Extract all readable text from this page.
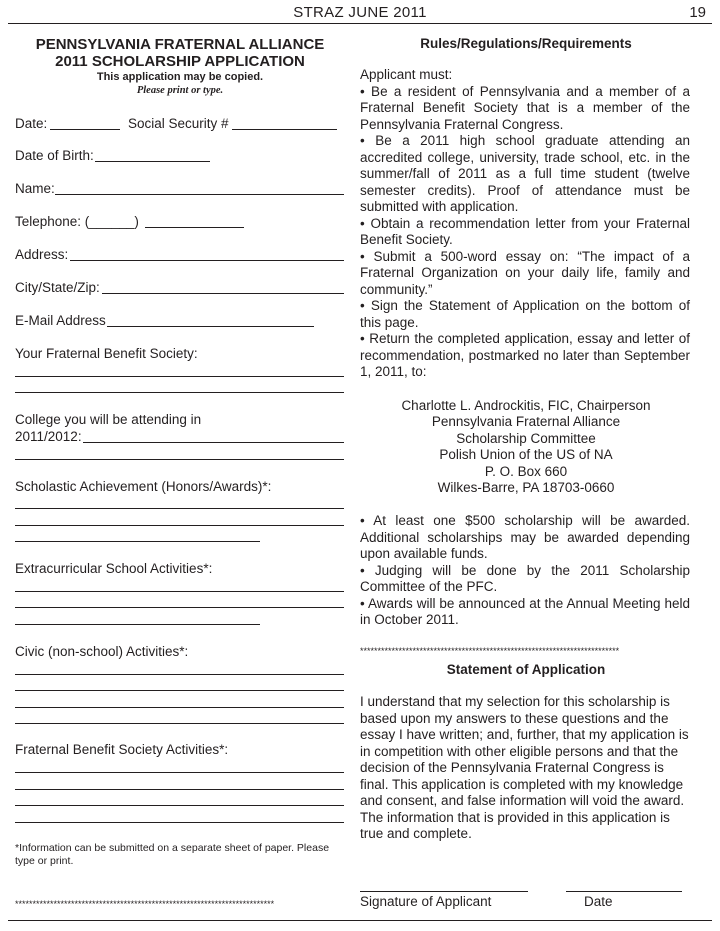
STRAZ JUNE 2011	19
PENNSYLVANIA FRATERNAL ALLIANCE
2011 SCHOLARSHIP APPLICATION
This application may be copied.
Please print or type.
Date:	Social Security #
Date of Birth:
Name:
Telephone: (______)
Address:
City/State/Zip:
E-Mail Address
Your Fraternal Benefit Society:
College you will be attending in
2011/2012:
Scholastic Achievement (Honors/Awards)*:
Extracurricular School Activities*:
Civic (non-school) Activities*:
Fraternal Benefit Society Activities*:
*Information can be submitted on a separate sheet of paper. Please type or print.
**************************************************************************
Rules/Regulations/Requirements

Applicant must:

• Be a resident of Pennsylvania and a member of a Fraternal Benefit Society that is a member of the Pennsylvania Fraternal Congress.

• Be a 2011 high school graduate attending an accredited college, university, trade school, etc. in the summer/fall of 2011 as a full time student (twelve semester credits). Proof of attendance must be submitted with application.

• Obtain a recommendation letter from your Fraternal Benefit Society.

• Submit a 500-word essay on: “The impact of a Fraternal Organization on your daily life, family and community.”

• Sign the Statement of Application on the bottom of this page.

• Return the completed application, essay and letter of recommendation, postmarked no later than September 1, 2011, to:

Charlotte L. Androckitis, FIC, Chairperson
Pennsylvania Fraternal Alliance
Scholarship Committee
Polish Union of the US of NA
P. O. Box 660
Wilkes-Barre, PA 18703-0660

• At least one $500 scholarship will be awarded. Additional scholarships may be awarded depending upon available funds.

• Judging will be done by the 2011 Scholarship Committee of the PFC.

• Awards will be announced at the Annual Meeting held in October 2011.

**************************************************************************
Statement of Application

I understand that my selection for this scholarship is based upon my answers to these questions and the essay I have written; and, further, that my application is in competition with other eligible persons and that the decision of the Pennsylvania Fraternal Congress is final. This application is completed with my knowledge and consent, and false information will void the award. The information that is provided in this application is true and complete.

Signature of Applicant	Date
